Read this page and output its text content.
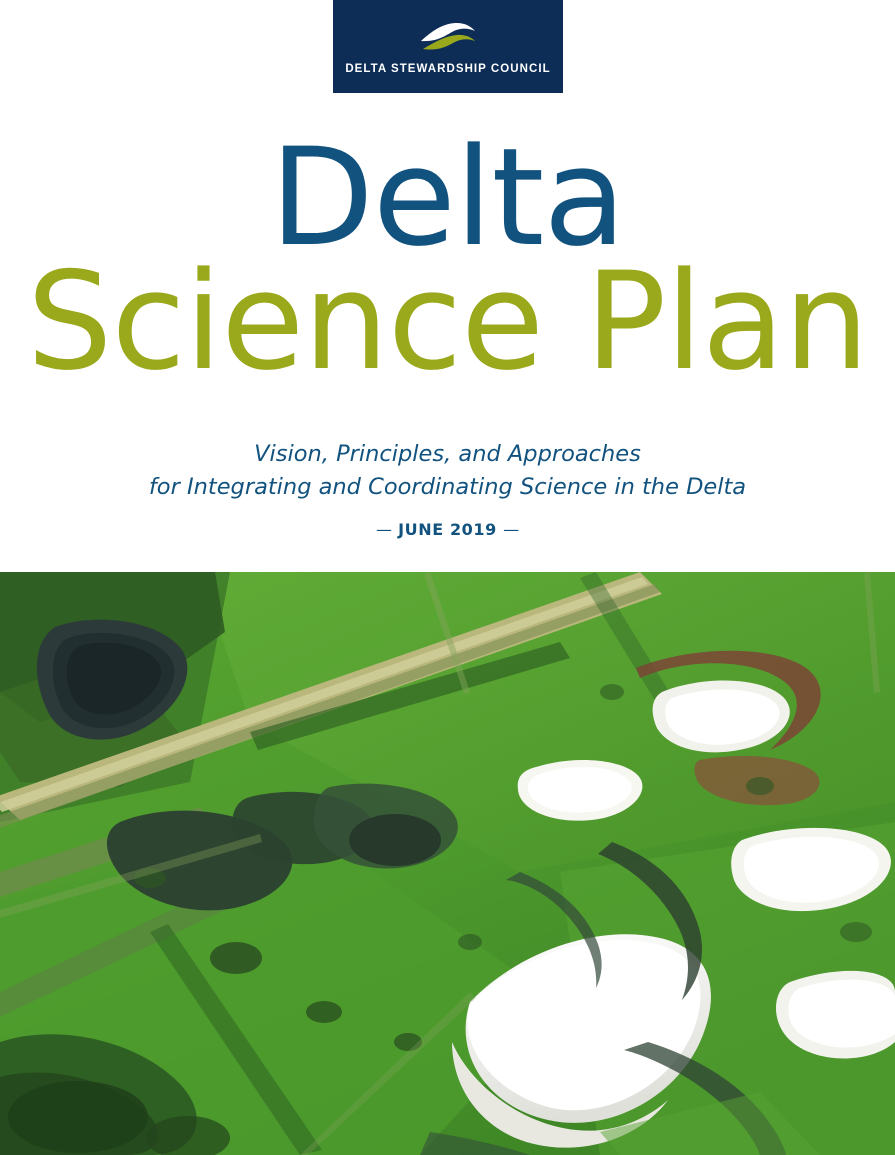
DELTA STEWARDSHIP COUNCIL
Delta
Science Plan
Vision, Principles, and Approaches
for Integrating and Coordinating Science in the Delta
— JUNE 2019 —
